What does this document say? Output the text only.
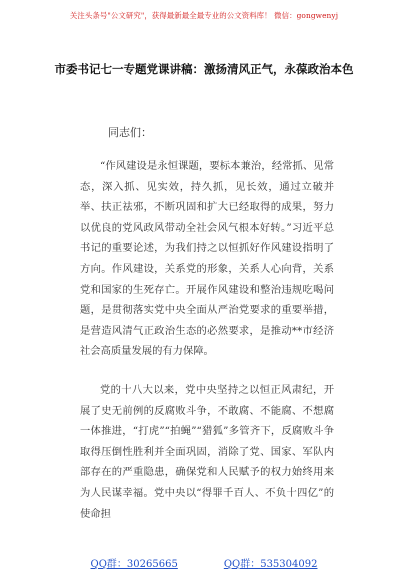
关注头条号"公文研究"，获得最新最全最专业的公文资料库！ 微信：gongwenyj
市委书记七一专题党课讲稿：激扬清风正气，永葆政治本色
同志们：

“作风建设是永恒课题，要标本兼治，经常抓、见常态，深入抓、见实效，持久抓，见长效，通过立破并举、扶正祛邪，不断巩固和扩大已经取得的成果，努力以优良的党风政风带动全社会风气根本好转。”习近平总书记的重要论述，为我们持之以恒抓好作风建设指明了方向。作风建设，关系党的形象，关系人心向背，关系党和国家的生死存亡。开展作风建设和整治违规吃喝问题，是贯彻落实党中央全面从严治党要求的重要举措，是营造风清气正政治生态的必然要求，是推动**市经济社会高质量发展的有力保障。

党的十八大以来，党中央坚持之以恒正风肃纪，开展了史无前例的反腐败斗争，不敢腐、不能腐、不想腐一体推进，“打虎”“拍蝇”“猎狐”多管齐下，反腐败斗争取得压倒性胜利并全面巩固，消除了党、国家、军队内部存在的严重隐患，确保党和人民赋予的权力始终用来为人民谋幸福。党中央以“得罪千百人、不负十四亿”的使命担

QQ群：30265665	QQ群：535304092
